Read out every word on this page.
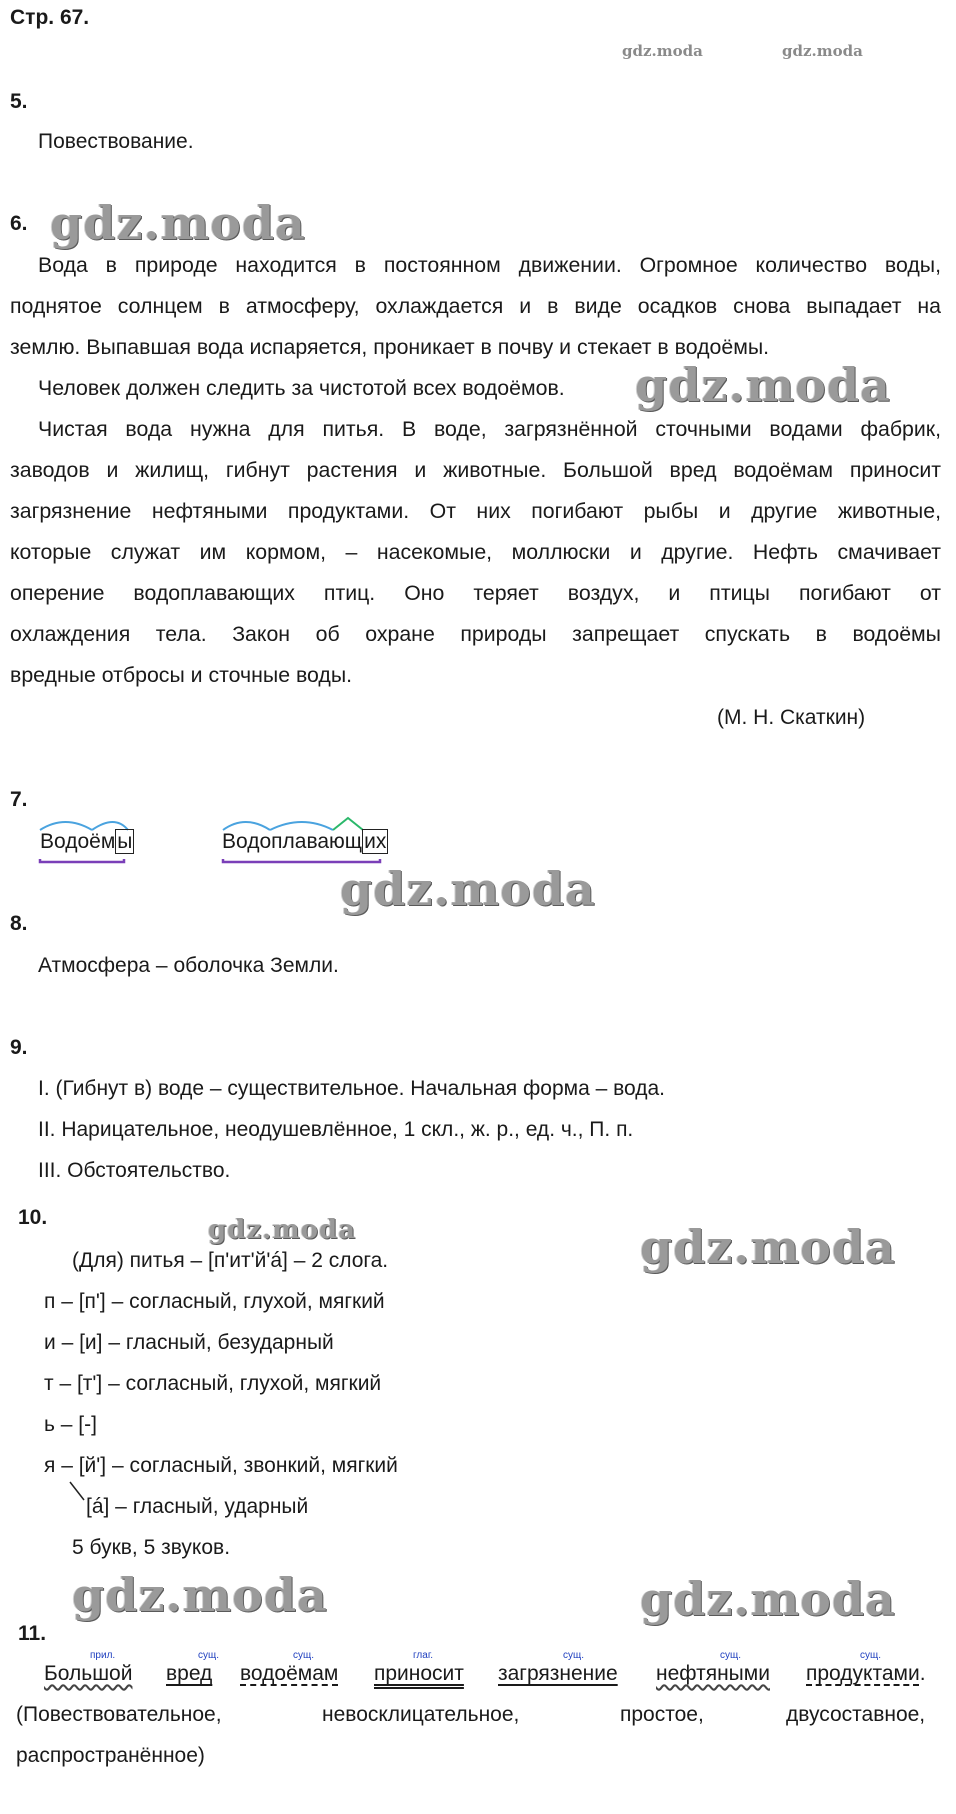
Стр. 67.
gdz.moda	gdz.moda
5.
Повествование.
6. gdz.moda
Вода в природе находится в постоянном движении. Огромное количество воды,
поднятое солнцем в атмосферу, охлаждается и в виде осадков снова выпадает на
землю. Выпавшая вода испаряется, проникает в почву и стекает в водоёмы.
Человек должен следить за чистотой всех водоёмов.	gdz.moda
Чистая вода нужна для питья. В воде, загрязнённой сточными водами фабрик,
заводов и жилищ, гибнут растения и животные. Большой вред водоёмам приносит
загрязнение нефтяными продуктами. От них погибают рыбы и другие животные,
которые служат им кормом, – насекомые, моллюски и другие. Нефть смачивает
оперение водоплавающих птиц. Оно теряет воздух, и птицы погибают от
охлаждения тела. Закон об охране природы запрещает спускать в водоёмы
вредные отбросы и сточные воды.
(М. Н. Скаткин)
7.
Водоёмы	Водоплавающих
gdz.moda
8.
Атмосфера – оболочка Земли.
9.
I. (Гибнут в) воде – существительное. Начальная форма – вода.
II. Нарицательное, неодушевлённое, 1 скл., ж. р., ед. ч., П. п.
III. Обстоятельство.
10.	gdz.moda	gdz.moda
(Для) питья – [п'ит'й'á] – 2 слога.
п – [п'] – согласный, глухой, мягкий
и – [и] – гласный, безударный
т – [т'] – согласный, глухой, мягкий
ь – [-]
я – [й'] – согласный, звонкий, мягкий
[á] – гласный, ударный
5 букв, 5 звуков.
gdz.moda	gdz.moda
11.
прил.
Большой
сущ.
вред
сущ.
водоёмам
глаг.
приносит
сущ.
загрязнение
сущ.
нефтяными
сущ.
продуктами.
(Повествовательное,	невосклицательное,	простое,	двусоставное,
распространённое)
